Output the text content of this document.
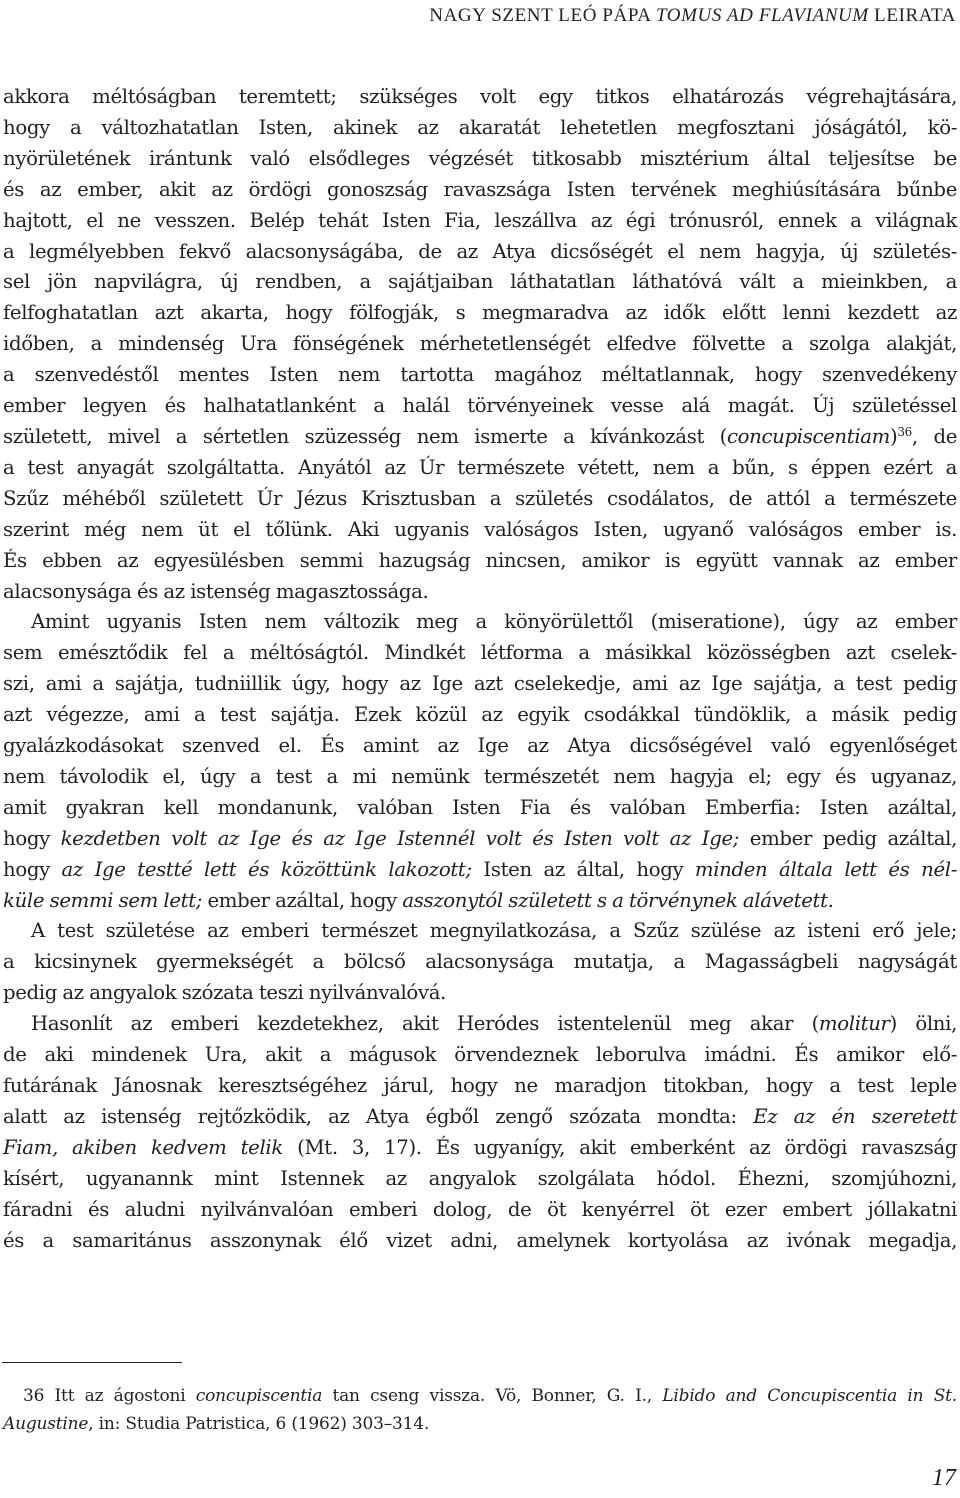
NAGY SZENT LEÓ PÁPA TOMUS AD FLAVIANUM LEIRATA
akkora méltóságban teremtett; szükséges volt egy titkos elhatározás végrehajtására,
hogy a változhatatlan Isten, akinek az akaratát lehetetlen megfosztani jóságától, kö-
nyörületének irántunk való elsődleges végzését titkosabb misztérium által teljesítse be
és az ember, akit az ördögi gonoszság ravaszsága Isten tervének meghiúsítására bűnbe
hajtott, el ne vesszen. Belép tehát Isten Fia, leszállva az égi trónusról, ennek a világnak
a legmélyebben fekvő alacsonyságába, de az Atya dicsőségét el nem hagyja, új születés-
sel jön napvilágra, új rendben, a sajátjaiban láthatatlan láthatóvá vált a mieinkben, a
felfoghatatlan azt akarta, hogy fölfogják, s megmaradva az idők előtt lenni kezdett az
időben, a mindenség Ura fönségének mérhetetlenségét elfedve fölvette a szolga alakját,
a szenvedéstől mentes Isten nem tartotta magához méltatlannak, hogy szenvedékeny
ember legyen és halhatatlanként a halál törvényeinek vesse alá magát. Új születéssel
született, mivel a sértetlen szüzesség nem ismerte a kívánkozást (concupiscentiam)$^{36}$, de
a test anyagát szolgáltatta. Anyától az Úr természete vétett, nem a bűn, s éppen ezért a
Szűz méhéből született Úr Jézus Krisztusban a születés csodálatos, de attól a természete
szerint még nem üt el tőlünk. Aki ugyanis valóságos Isten, ugyanő valóságos ember is.
És ebben az egyesülésben semmi hazugság nincsen, amikor is együtt vannak az ember
alacsonysága és az istenség magasztossága.
Amint ugyanis Isten nem változik meg a könyörülettől (miseratione), úgy az ember
sem emésztődik fel a méltóságtól. Mindkét létforma a másikkal közösségben azt cselek-
szi, ami a sajátja, tudniillik úgy, hogy az Ige azt cselekedje, ami az Ige sajátja, a test pedig
azt végezze, ami a test sajátja. Ezek közül az egyik csodákkal tündöklik, a másik pedig
gyalázkodásokat szenved el. És amint az Ige az Atya dicsőségével való egyenlőséget
nem távolodik el, úgy a test a mi nemünk természetét nem hagyja el; egy és ugyanaz,
amit gyakran kell mondanunk, valóban Isten Fia és valóban Emberfia: Isten azáltal,
hogy kezdetben volt az Ige és az Ige Istennél volt és Isten volt az Ige; ember pedig azáltal,
hogy az Ige testté lett és közöttünk lakozott; Isten az által, hogy minden általa lett és nél-
küle semmi sem lett; ember azáltal, hogy asszonytól született s a törvénynek alávetett.
A test születése az emberi természet megnyilatkozása, a Szűz szülése az isteni erő jele;
a kicsinynek gyermekségét a bölcső alacsonysága mutatja, a Magasságbeli nagyságát
pedig az angyalok szózata teszi nyilvánvalóvá.
Hasonlít az emberi kezdetekhez, akit Heródes istentelenül meg akar (molitur) ölni,
de aki mindenek Ura, akit a mágusok örvendeznek leborulva imádni. És amikor elő-
futárának Jánosnak keresztségéhez járul, hogy ne maradjon titokban, hogy a test leple
alatt az istenség rejtőzködik, az Atya égből zengő szózata mondta: Ez az én szeretett
Fiam, akiben kedvem telik (Mt. 3, 17). És ugyanígy, akit emberként az ördögi ravaszság
kísért, ugyanannk mint Istennek az angyalok szolgálata hódol. Éhezni, szomjúhozni,
fáradni és aludni nyilvánvalóan emberi dolog, de öt kenyérrel öt ezer embert jóllakatni
és a samaritánus asszonynak élő vizet adni, amelynek kortyolása az ivónak megadja,
36 Itt az ágostoni concupiscentia tan cseng vissza. Vö, Bonner, G. I., Libido and Concupiscentia in St.
Augustine, in: Studia Patristica, 6 (1962) 303–314.
17
